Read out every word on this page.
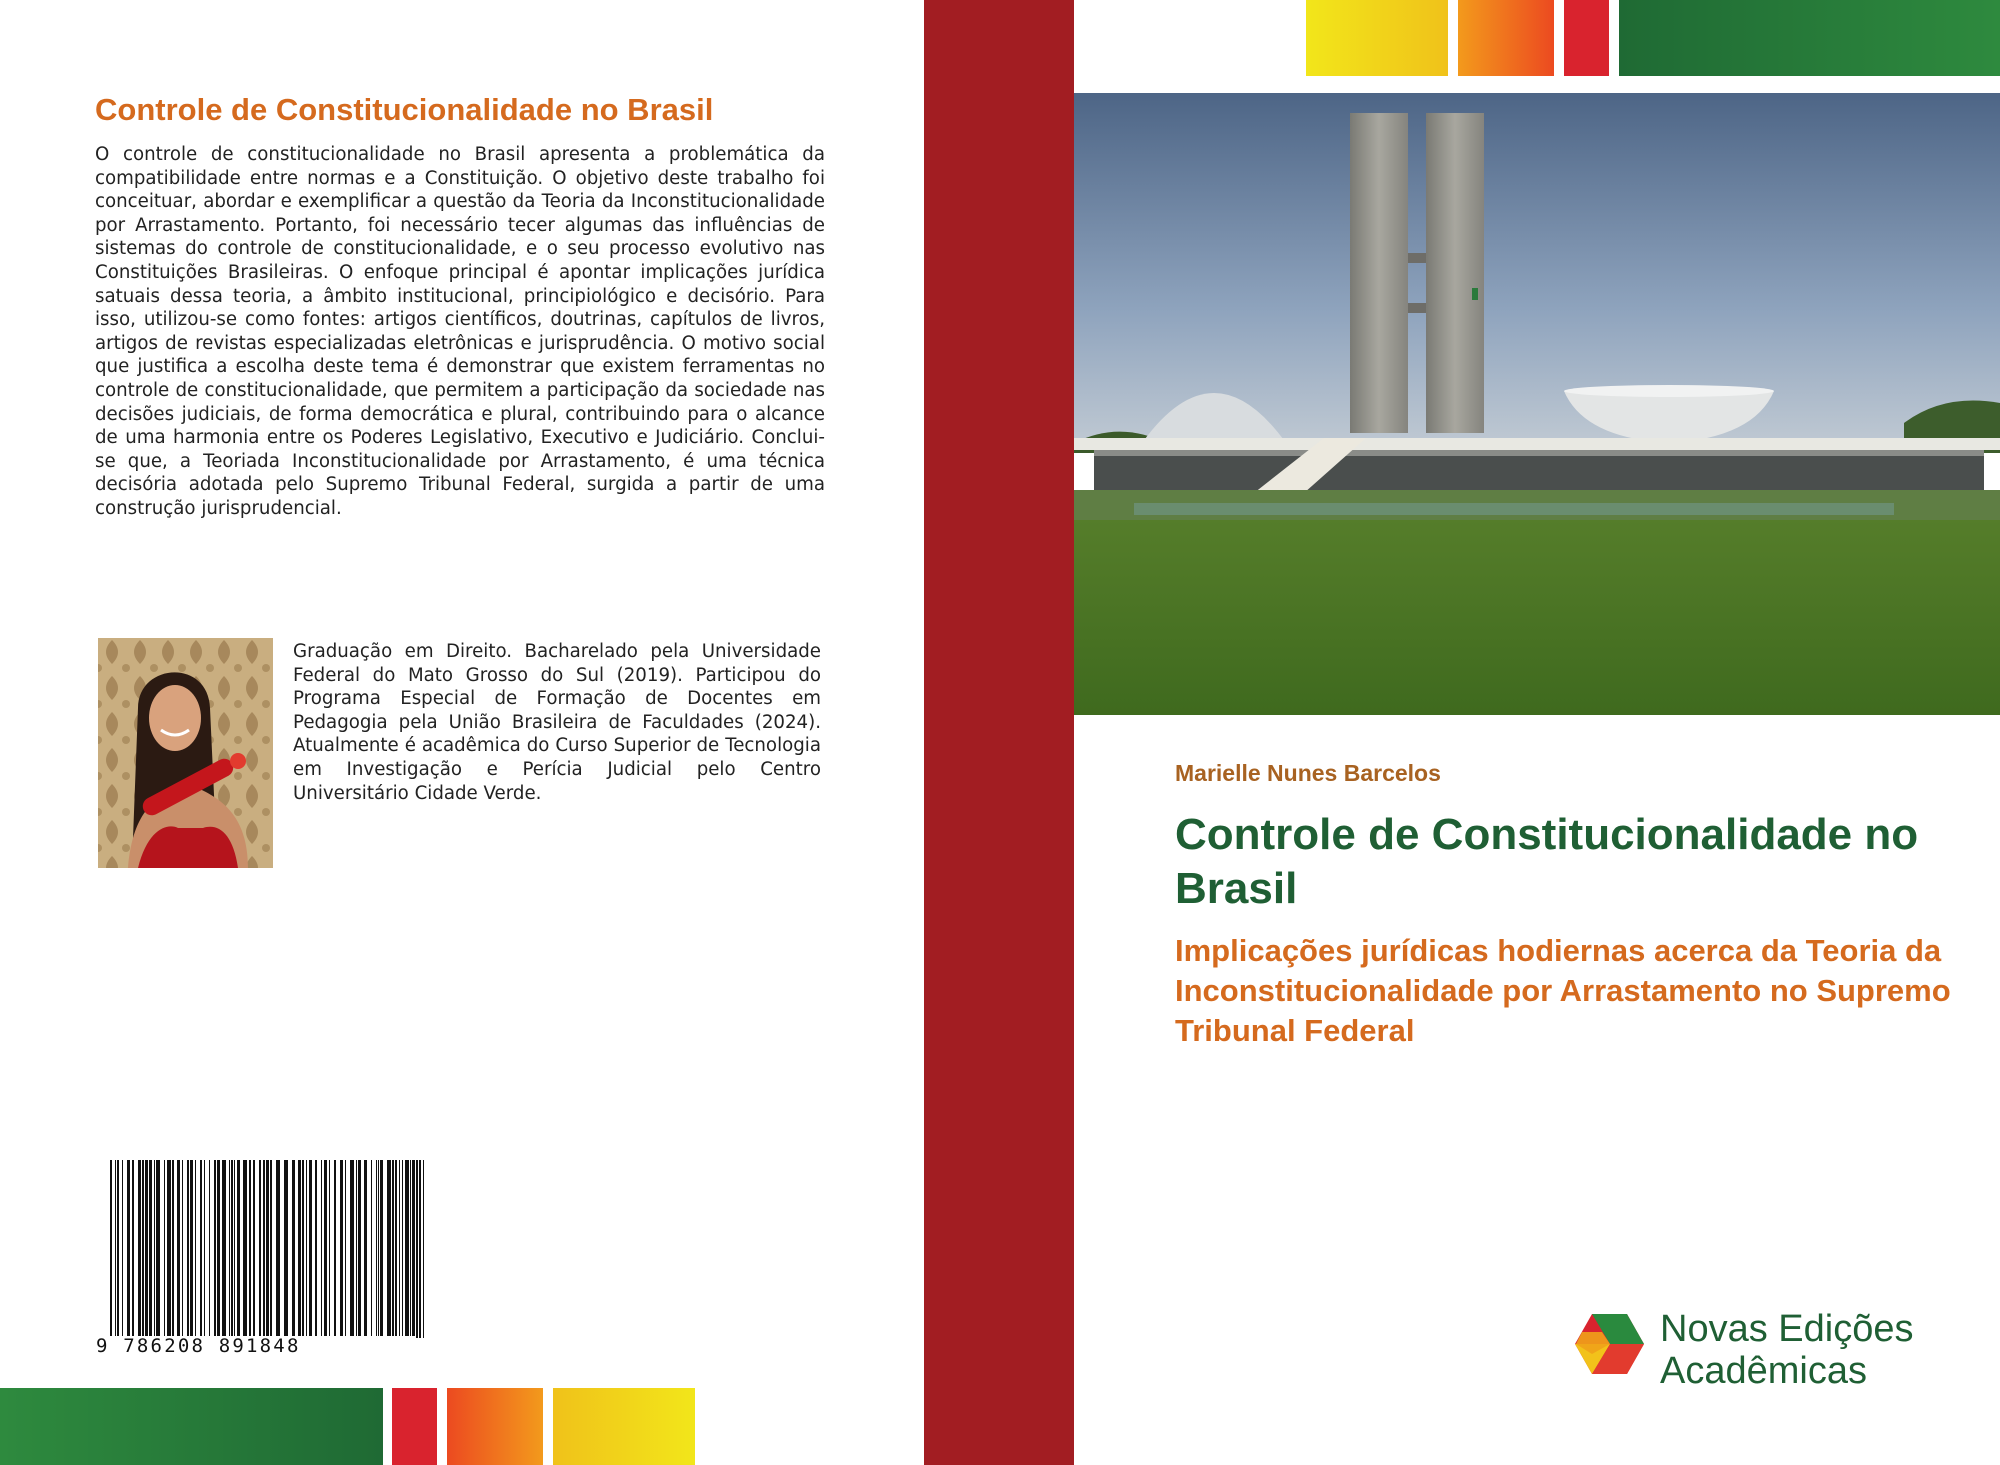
Controle de Constitucionalidade no Brasil

O controle de constitucionalidade no Brasil apresenta a problemática da compatibilidade entre normas e a Constituição. O objetivo deste trabalho foi conceituar, abordar e exemplificar a questão da Teoria da Inconstitucionalidade por Arrastamento. Portanto, foi necessário tecer algumas das influências de sistemas do controle de constitucionalidade, e o seu processo evolutivo nas Constituições Brasileiras. O enfoque principal é apontar implicações jurídica satuais dessa teoria, a âmbito institucional, principiológico e decisório. Para isso, utilizou-se como fontes: artigos científicos, doutrinas, capítulos de livros, artigos de revistas especializadas eletrônicas e jurisprudência. O motivo social que justifica a escolha deste tema é demonstrar que existem ferramentas no controle de constitucionalidade, que permitem a participação da sociedade nas decisões judiciais, de forma democrática e plural, contribuindo para o alcance de uma harmonia entre os Poderes Legislativo, Executivo e Judiciário. Conclui-se que, a Teoriada Inconstitucionalidade por Arrastamento, é uma técnica decisória adotada pelo Supremo Tribunal Federal, surgida a partir de uma construção jurisprudencial.

Graduação em Direito. Bacharelado pela Universidade Federal do Mato Grosso do Sul (2019). Participou do Programa Especial de Formação de Docentes em Pedagogia pela União Brasileira de Faculdades (2024). Atualmente é acadêmica do Curso Superior de Tecnologia em Investigação e Perícia Judicial pelo Centro Universitário Cidade Verde.

9 786208 891848
Marielle Nunes Barcelos
Controle de Constitucionalidade no Brasil

Implicações jurídicas hodiernas acerca da Teoria da Inconstitucionalidade por Arrastamento no Supremo Tribunal Federal

Novas Edições
Acadêmicas
